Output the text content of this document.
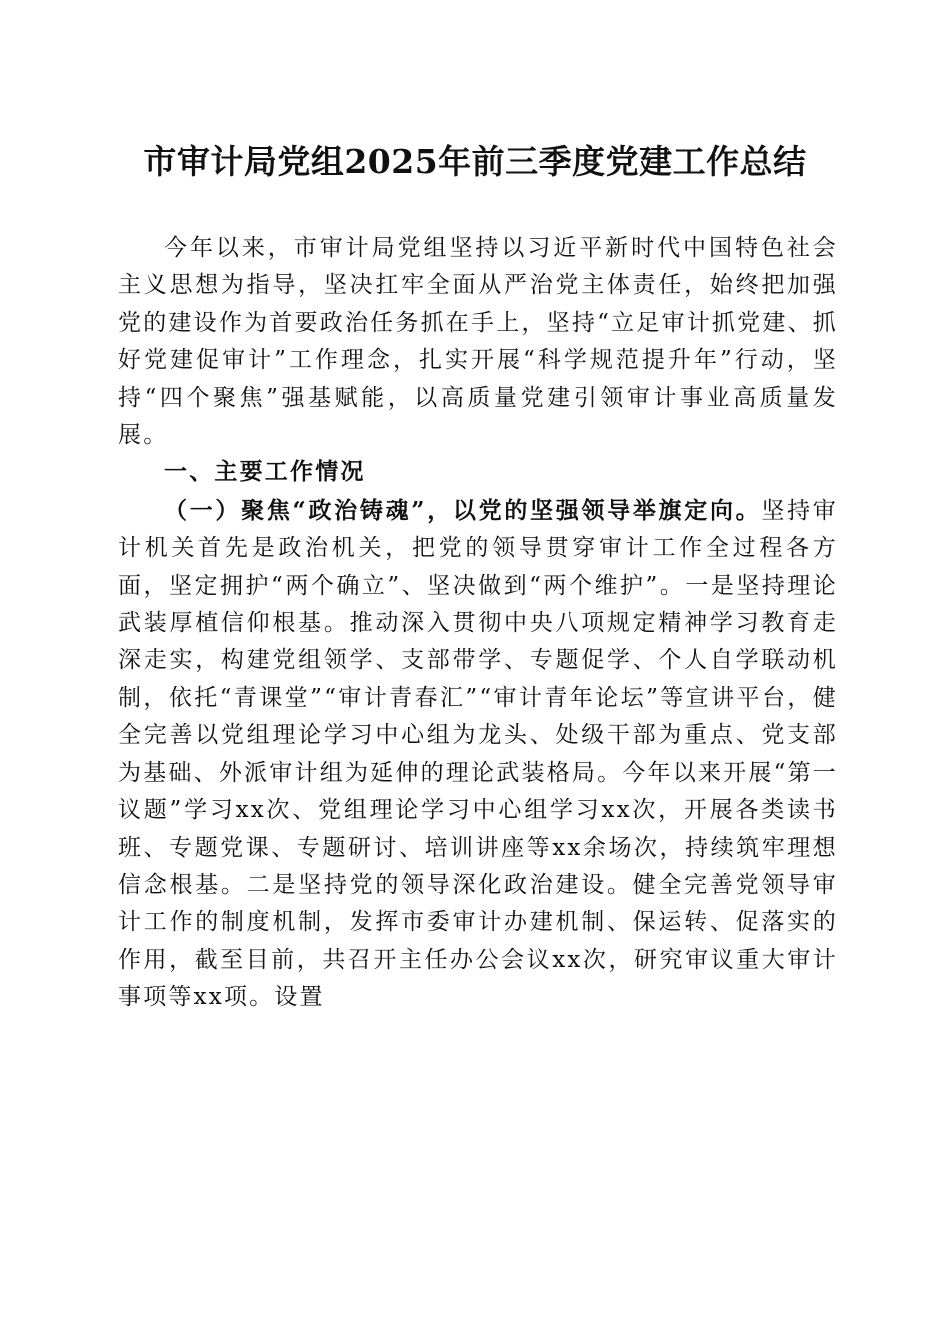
市审计局党组2025年前三季度党建工作总结

今年以来，市审计局党组坚持以习近平新时代中国特色社会主义思想为指导，坚决扛牢全面从严治党主体责任，始终把加强党的建设作为首要政治任务抓在手上，坚持“立足审计抓党建、抓好党建促审计”工作理念，扎实开展“科学规范提升年”行动，坚持“四个聚焦”强基赋能，以高质量党建引领审计事业高质量发展。

一、主要工作情况

（一）聚焦“政治铸魂”，以党的坚强领导举旗定向。坚持审计机关首先是政治机关，把党的领导贯穿审计工作全过程各方面，坚定拥护“两个确立”、坚决做到“两个维护”。一是坚持理论武装厚植信仰根基。推动深入贯彻中央八项规定精神学习教育走深走实，构建党组领学、支部带学、专题促学、个人自学联动机制，依托“青课堂”“审计青春汇”“审计青年论坛”等宣讲平台，健全完善以党组理论学习中心组为龙头、处级干部为重点、党支部为基础、外派审计组为延伸的理论武装格局。今年以来开展“第一议题”学习xx次、党组理论学习中心组学习xx次，开展各类读书班、专题党课、专题研讨、培训讲座等xx余场次，持续筑牢理想信念根基。二是坚持党的领导深化政治建设。健全完善党领导审计工作的制度机制，发挥市委审计办建机制、保运转、促落实的作用，截至目前，共召开主任办公会议xx次，研究审议重大审计事项等xx项。设置
